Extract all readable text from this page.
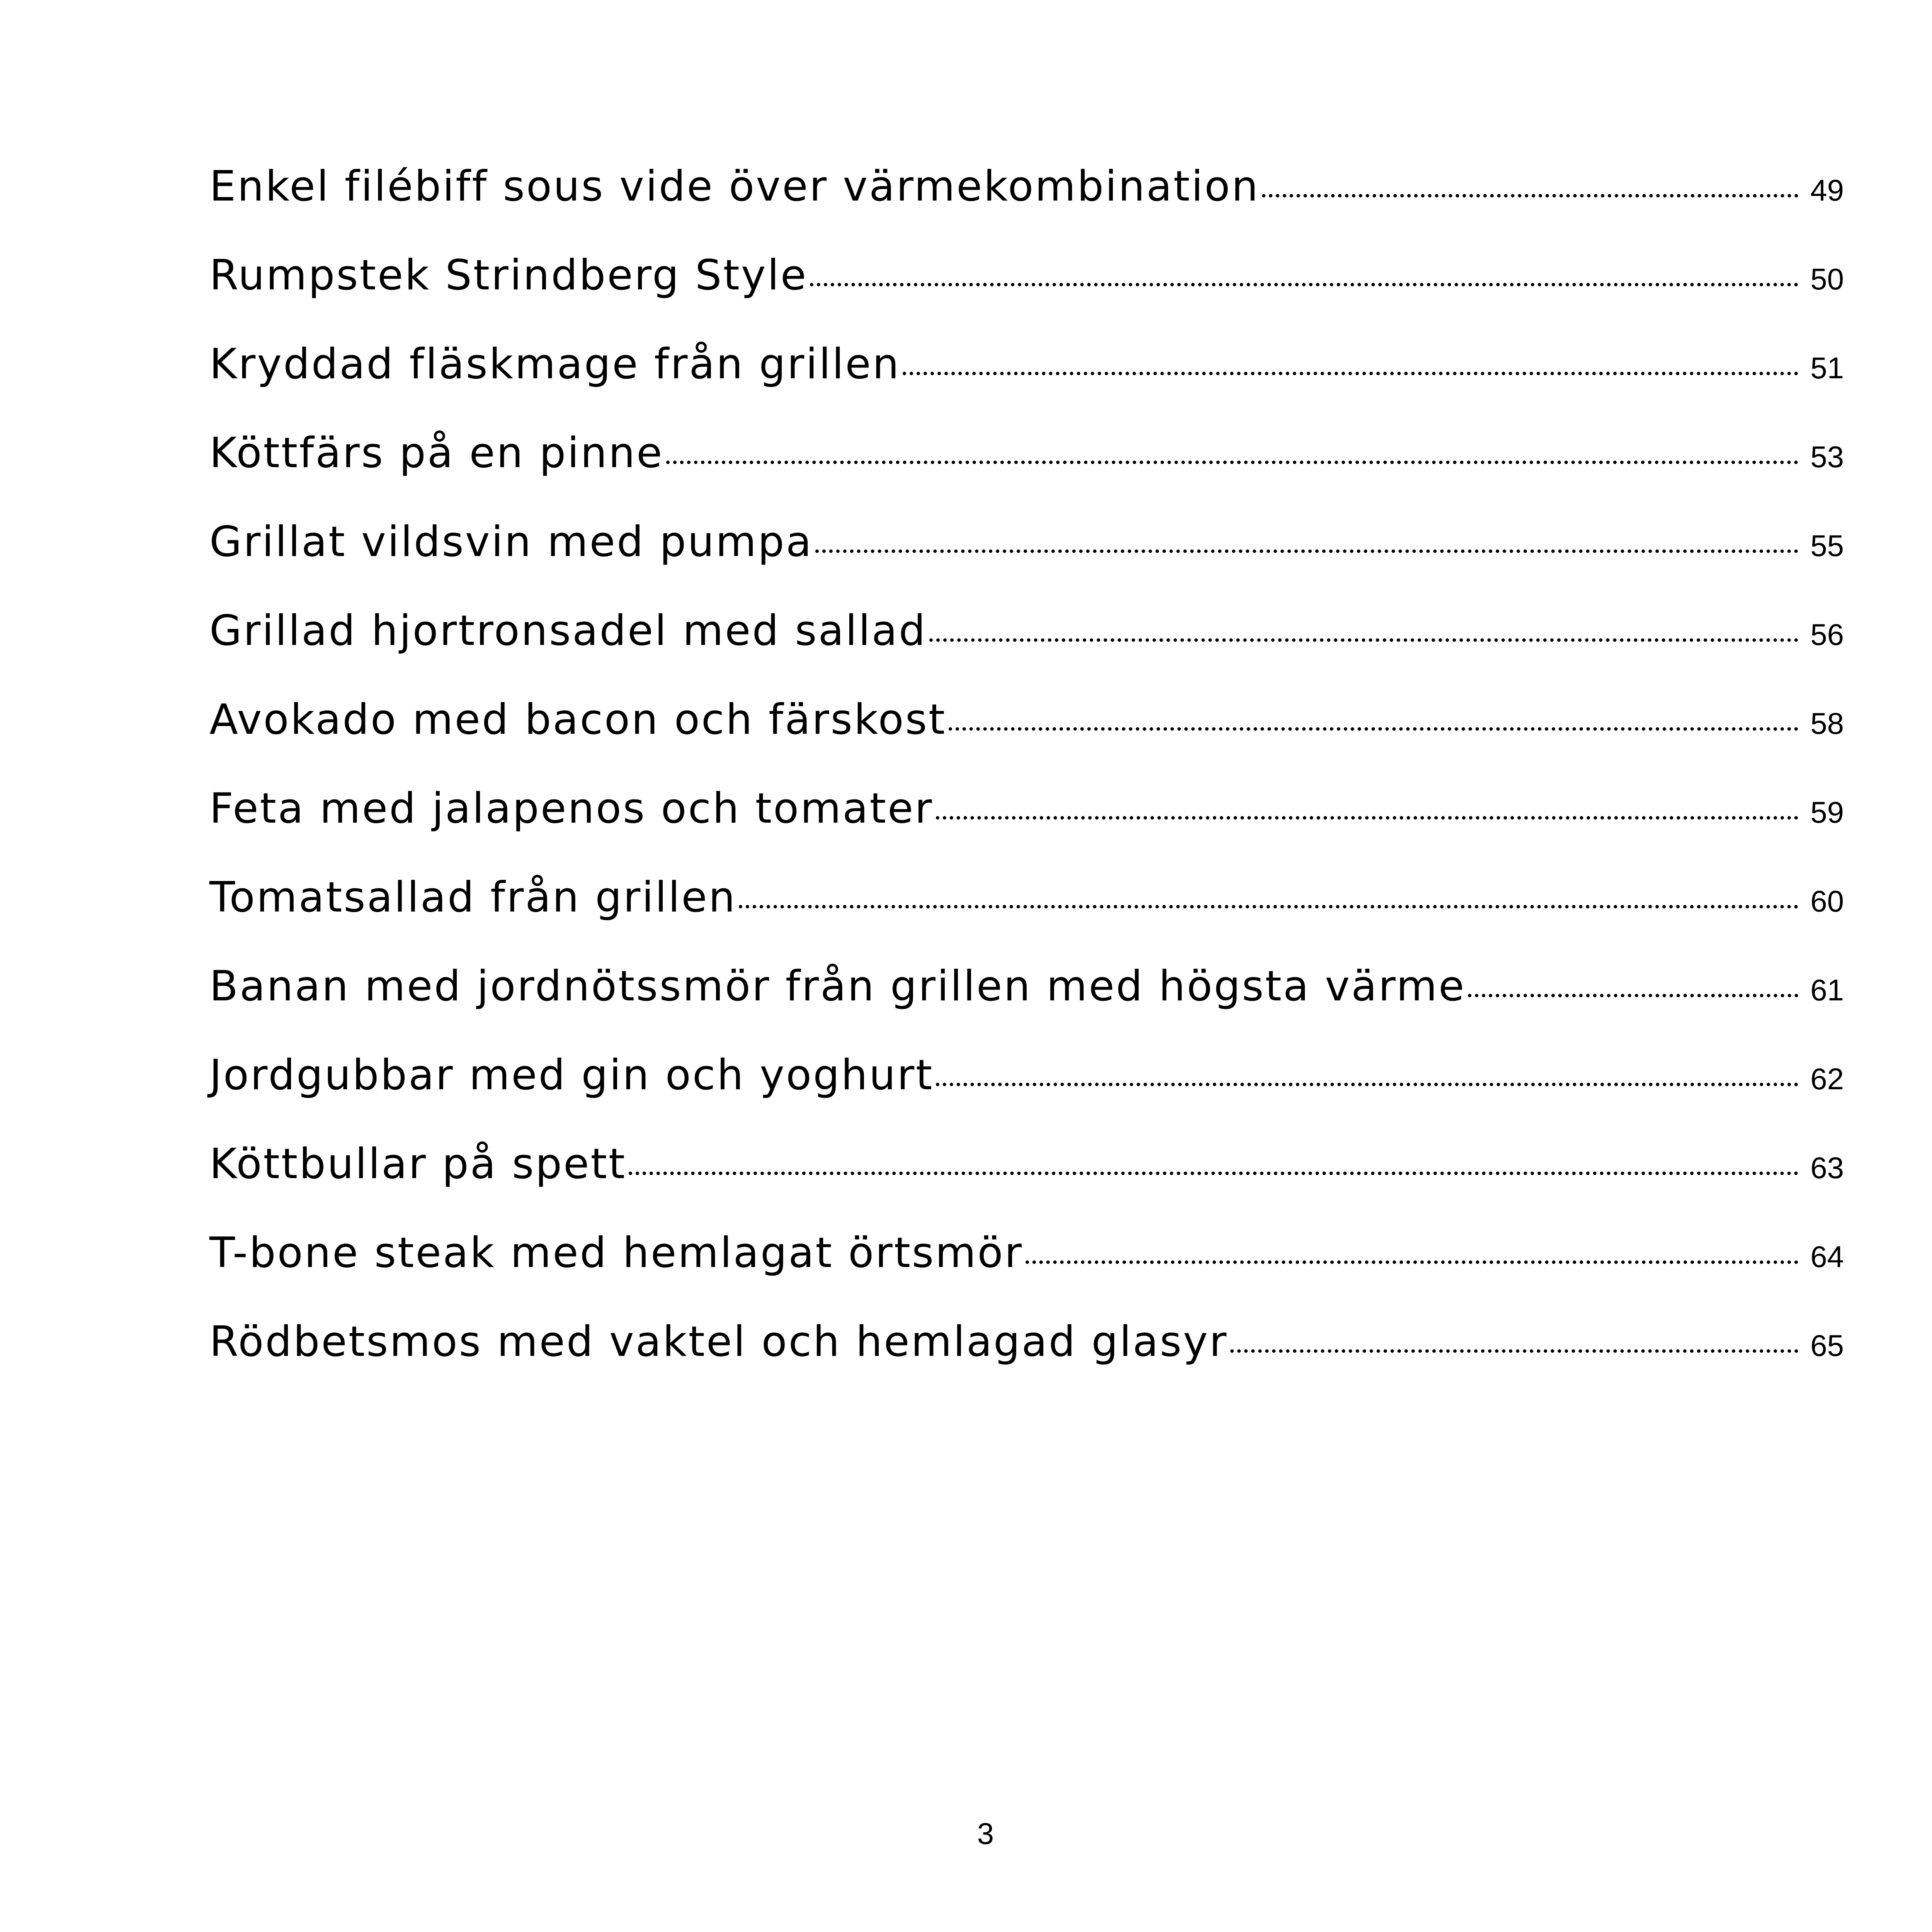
Enkel filébiff sous vide över värmekombination	49
Rumpstek Strindberg Style	50
Kryddad fläskmage från grillen	51
Köttfärs på en pinne	53
Grillat vildsvin med pumpa	55
Grillad hjortronsadel med sallad	56
Avokado med bacon och färskost	58
Feta med jalapenos och tomater	59
Tomatsallad från grillen	60
Banan med jordnötssmör från grillen med högsta värme	61
Jordgubbar med gin och yoghurt	62
Köttbullar på spett	63
T-bone steak med hemlagat örtsmör	64
Rödbetsmos med vaktel och hemlagad glasyr	65
3
